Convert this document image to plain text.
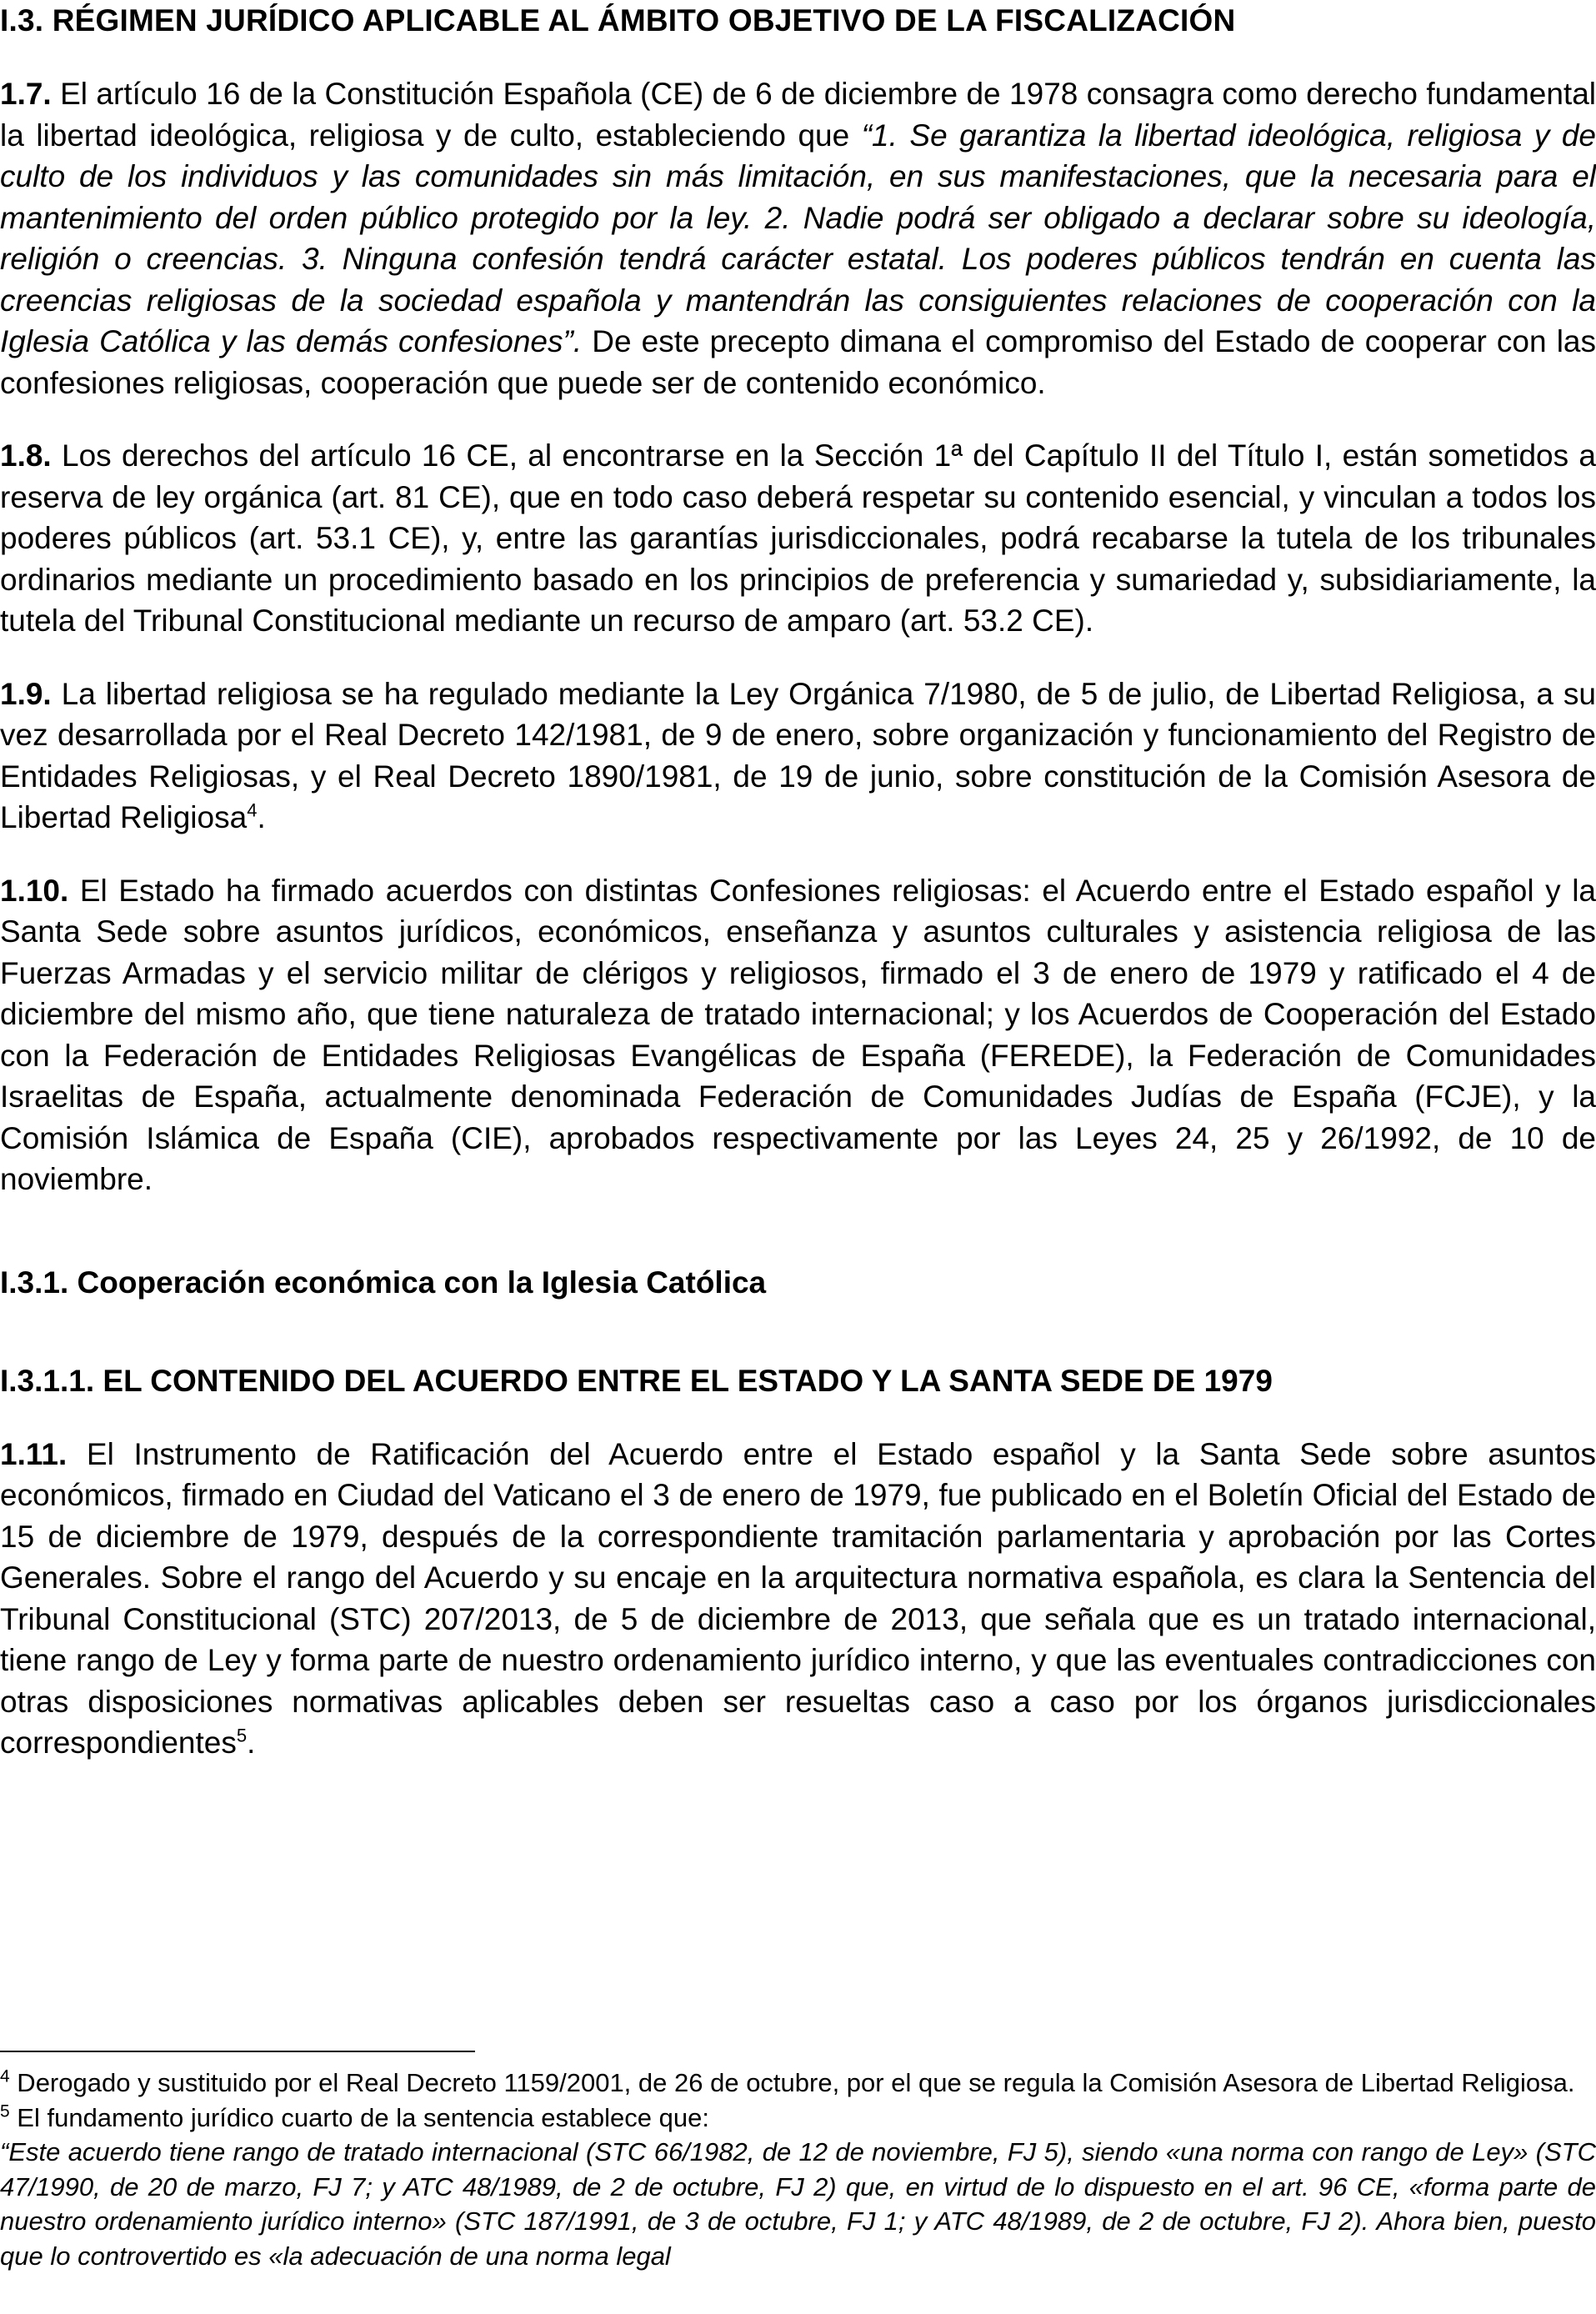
I.3. RÉGIMEN JURÍDICO APLICABLE AL ÁMBITO OBJETIVO DE LA FISCALIZACIÓN

1.7. El artículo 16 de la Constitución Española (CE) de 6 de diciembre de 1978 consagra como derecho fundamental la libertad ideológica, religiosa y de culto, estableciendo que “1. Se garantiza la libertad ideológica, religiosa y de culto de los individuos y las comunidades sin más limitación, en sus manifestaciones, que la necesaria para el mantenimiento del orden público protegido por la ley. 2. Nadie podrá ser obligado a declarar sobre su ideología, religión o creencias. 3. Ninguna confesión tendrá carácter estatal. Los poderes públicos tendrán en cuenta las creencias religiosas de la sociedad española y mantendrán las consiguientes relaciones de cooperación con la Iglesia Católica y las demás confesiones”. De este precepto dimana el compromiso del Estado de cooperar con las confesiones religiosas, cooperación que puede ser de contenido económico.

1.8. Los derechos del artículo 16 CE, al encontrarse en la Sección 1ª del Capítulo II del Título I, están sometidos a reserva de ley orgánica (art. 81 CE), que en todo caso deberá respetar su contenido esencial, y vinculan a todos los poderes públicos (art. 53.1 CE), y, entre las garantías jurisdiccionales, podrá recabarse la tutela de los tribunales ordinarios mediante un procedimiento basado en los principios de preferencia y sumariedad y, subsidiariamente, la tutela del Tribunal Constitucional mediante un recurso de amparo (art. 53.2 CE).

1.9. La libertad religiosa se ha regulado mediante la Ley Orgánica 7/1980, de 5 de julio, de Libertad Religiosa, a su vez desarrollada por el Real Decreto 142/1981, de 9 de enero, sobre organización y funcionamiento del Registro de Entidades Religiosas, y el Real Decreto 1890/1981, de 19 de junio, sobre constitución de la Comisión Asesora de Libertad Religiosa$^4$.

1.10. El Estado ha firmado acuerdos con distintas Confesiones religiosas: el Acuerdo entre el Estado español y la Santa Sede sobre asuntos jurídicos, económicos, enseñanza y asuntos culturales y asistencia religiosa de las Fuerzas Armadas y el servicio militar de clérigos y religiosos, firmado el 3 de enero de 1979 y ratificado el 4 de diciembre del mismo año, que tiene naturaleza de tratado internacional; y los Acuerdos de Cooperación del Estado con la Federación de Entidades Religiosas Evangélicas de España (FEREDE), la Federación de Comunidades Israelitas de España, actualmente denominada Federación de Comunidades Judías de España (FCJE), y la Comisión Islámica de España (CIE), aprobados respectivamente por las Leyes 24, 25 y 26/1992, de 10 de noviembre.

I.3.1. Cooperación económica con la Iglesia Católica
I.3.1.1. EL CONTENIDO DEL ACUERDO ENTRE EL ESTADO Y LA SANTA SEDE DE 1979

1.11. El Instrumento de Ratificación del Acuerdo entre el Estado español y la Santa Sede sobre asuntos económicos, firmado en Ciudad del Vaticano el 3 de enero de 1979, fue publicado en el Boletín Oficial del Estado de 15 de diciembre de 1979, después de la correspondiente tramitación parlamentaria y aprobación por las Cortes Generales. Sobre el rango del Acuerdo y su encaje en la arquitectura normativa española, es clara la Sentencia del Tribunal Constitucional (STC) 207/2013, de 5 de diciembre de 2013, que señala que es un tratado internacional, tiene rango de Ley y forma parte de nuestro ordenamiento jurídico interno, y que las eventuales contradicciones con otras disposiciones normativas aplicables deben ser resueltas caso a caso por los órganos jurisdiccionales correspondientes$^5$.

$^4$ Derogado y sustituido por el Real Decreto 1159/2001, de 26 de octubre, por el que se regula la Comisión Asesora de Libertad Religiosa.

$^5$ El fundamento jurídico cuarto de la sentencia establece que:

“Este acuerdo tiene rango de tratado internacional (STC 66/1982, de 12 de noviembre, FJ 5), siendo «una norma con rango de Ley» (STC 47/1990, de 20 de marzo, FJ 7; y ATC 48/1989, de 2 de octubre, FJ 2) que, en virtud de lo dispuesto en el art. 96 CE, «forma parte de nuestro ordenamiento jurídico interno» (STC 187/1991, de 3 de octubre, FJ 1; y ATC 48/1989, de 2 de octubre, FJ 2). Ahora bien, puesto que lo controvertido es «la adecuación de una norma legal
